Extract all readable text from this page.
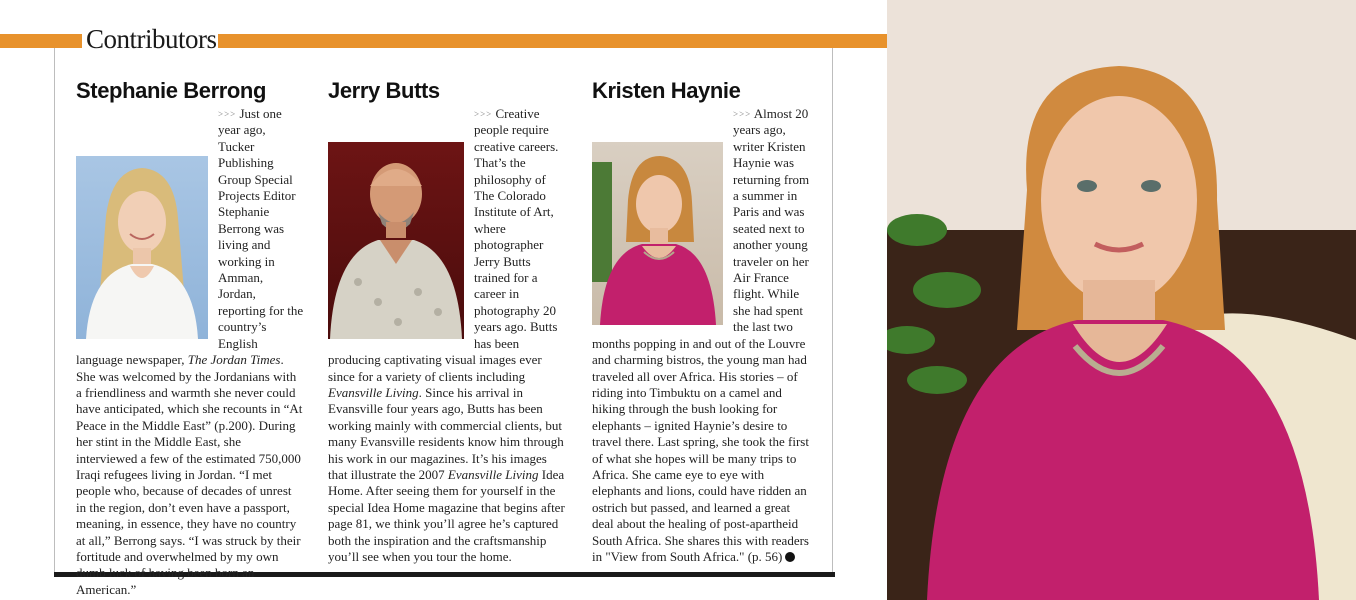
Contributors
Stephanie Berrong
>>> Just one year ago, Tucker Publishing Group Special Projects Editor Stephanie Berrong was living and working in Amman, Jordan, reporting for the country’s English language newspaper, The Jordan Times. She was welcomed by the Jordanians with a friendliness and warmth she never could have anticipated, which she recounts in “At Peace in the Middle East” (p.200). During her stint in the Middle East, she interviewed a few of the estimated 750,000 Iraqi refugees living in Jordan. “I met people who, because of decades of unrest in the region, don’t even have a passport, meaning, in essence, they have no country at all,” Berrong says. “I was struck by their fortitude and overwhelmed by my own dumb luck of having been born an American.”
Jerry Butts
>>> Creative people require creative careers. That’s the philosophy of The Colorado Institute of Art, where photographer Jerry Butts trained for a career in photography 20 years ago. Butts has been producing captivating visual images ever since for a variety of clients including Evansville Living. Since his arrival in Evansville four years ago, Butts has been working mainly with commercial clients, but many Evansville residents know him through his work in our magazines. It’s his images that illustrate the 2007 Evansville Living Idea Home. After seeing them for yourself in the special Idea Home magazine that begins after page 81, we think you’ll agree he’s captured both the inspiration and the craftsmanship you’ll see when you tour the home.
Kristen Haynie
>>> Almost 20 years ago, writer Kristen Haynie was returning from a summer in Paris and was seated next to another young traveler on her Air France flight. While she had spent the last two months popping in and out of the Louvre and charming bistros, the young man had traveled all over Africa. His stories – of riding into Timbuktu on a camel and hiking through the bush looking for elephants – ignited Haynie’s desire to travel there. Last spring, she took the first of what she hopes will be many trips to Africa. She came eye to eye with elephants and lions, could have ridden an ostrich but passed, and learned a great deal about the healing of post-apartheid South Africa. She shares this with readers in "View from South Africa." (p. 56)
